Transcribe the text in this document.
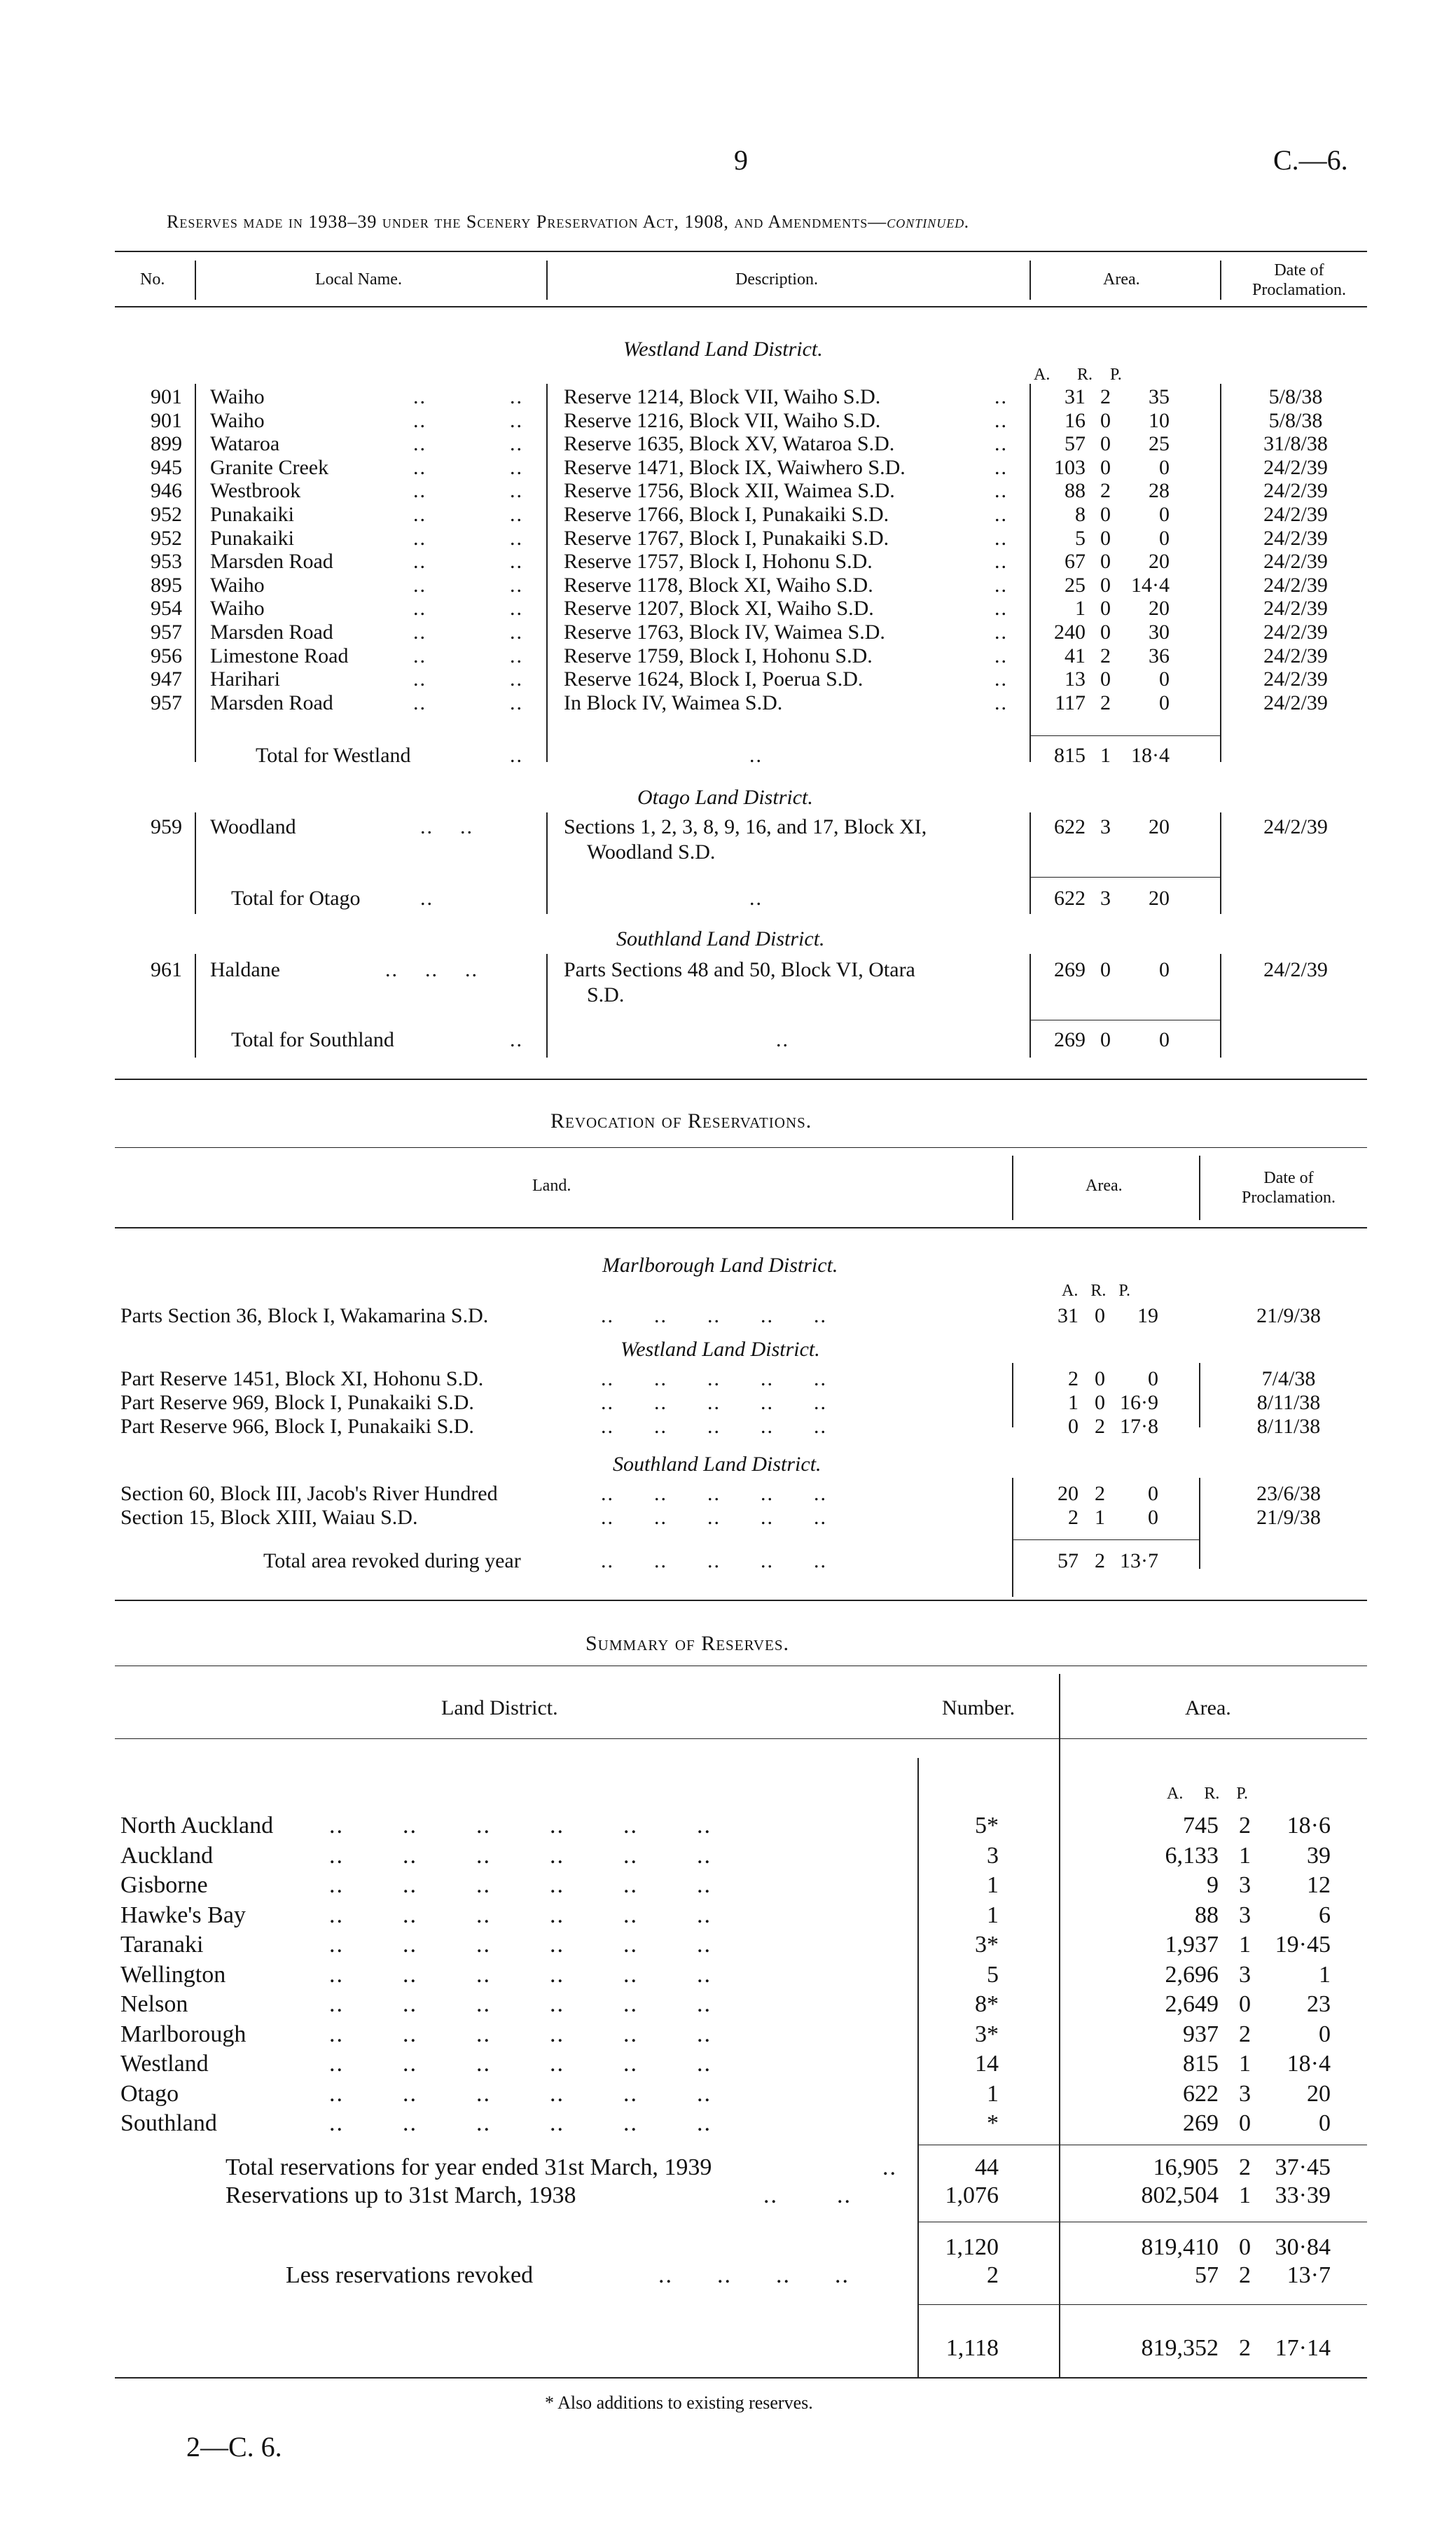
9	C.—6.
Reserves made in 1938–39 under the Scenery Preservation Act, 1908, and Amendments—continued.
No.	Local Name.	Description.	Area.	Date of
Proclamation.
Westland Land District.
A. R. P.
901 Waiho	..	.. Reserve 1214, Block VII, Waiho S.D.	..	31 2	35	5/8/38
901 Waiho	..	.. Reserve 1216, Block VII, Waiho S.D.	..	16 0	10	5/8/38
899 Wataroa	..	.. Reserve 1635, Block XV, Wataroa S.D.	..	57 0	25	31/8/38
945 Granite Creek	..	.. Reserve 1471, Block IX, Waiwhero S.D.	..	103 0	0	24/2/39
946 Westbrook	..	.. Reserve 1756, Block XII, Waimea S.D.	..	88 2	28	24/2/39
952 Punakaiki	..	.. Reserve 1766, Block I, Punakaiki S.D.	..	8 0	0	24/2/39
952 Punakaiki	..	.. Reserve 1767, Block I, Punakaiki S.D.	..	5 0	0	24/2/39
953 Marsden Road	..	.. Reserve 1757, Block I, Hohonu S.D.	..	67 0	20	24/2/39
895 Waiho	..	.. Reserve 1178, Block XI, Waiho S.D.	..	25 0 14·4	24/2/39
954 Waiho	..	.. Reserve 1207, Block XI, Waiho S.D.	..	1 0	20	24/2/39
957 Marsden Road	..	.. Reserve 1763, Block IV, Waimea S.D.	..	240 0	30	24/2/39
956 Limestone Road	..	.. Reserve 1759, Block I, Hohonu S.D.	..	41 2	36	24/2/39
947 Harihari	..	.. Reserve 1624, Block I, Poerua S.D.	..	13 0	0	24/2/39
957 Marsden Road	..	.. In Block IV, Waimea S.D.	..	117 2	0	24/2/39
Total for Westland	..	..	815 1 18·4
Otago Land District.
959 Woodland	..    ..	Sections 1, 2, 3, 8, 9, 16, and 17, Block XI,	622 3	20	24/2/39
Woodland S.D.
Total for Otago	..	..	622 3	20
Southland Land District.
961 Haldane	..    ..    ..	Parts Sections 48 and 50, Block VI, Otara	269 0	0	24/2/39
S.D.
Total for Southland	..	..	269 0	0
Revocation of Reservations.
Land.	Area.	Date of
Proclamation.
Marlborough Land District.
A.   R.   P.
Parts Section 36, Block I, Wakamarina S.D.	..      ..      ..      ..      ..	31 0	19	21/9/38
Westland Land District.
Part Reserve 1451, Block XI, Hohonu S.D.	..      ..      ..      ..      ..	2 0	0	7/4/38
Part Reserve 969, Block I, Punakaiki S.D.	..      ..      ..      ..      ..	1 0 16·9	8/11/38
Part Reserve 966, Block I, Punakaiki S.D.	..      ..      ..      ..      ..	0 2 17·8	8/11/38
Southland Land District.
Section 60, Block III, Jacob's River Hundred	..      ..      ..      ..      ..	20 2	0	23/6/38
Section 15, Block XIII, Waiau S.D.	..      ..      ..      ..      ..	2 1	0	21/9/38
Total area revoked during year	..      ..      ..      ..      ..	57 2 13·7
Summary of Reserves.
Land District.	Number.	Area.
A.     R.    P.
North Auckland ..        ..        ..        ..        ..        ..	5*	745 2	18·6
Auckland	..        ..        ..        ..        ..        ..	3	6,133 1	39
Gisborne	..        ..        ..        ..        ..        ..	1	9 3	12
Hawke's Bay	..        ..        ..        ..        ..        ..	1	88 3	6
Taranaki	..        ..        ..        ..        ..        ..	3*	1,937 1	19·45
Wellington	..        ..        ..        ..        ..        ..	5	2,696 3	1
Nelson	..        ..        ..        ..        ..        ..	8*	2,649 0	23
Marlborough	..        ..        ..        ..        ..        ..	3*	937 2	0
Westland	..        ..        ..        ..        ..        ..	14	815 1	18·4
Otago	..        ..        ..        ..        ..        ..	1	622 3	20
Southland	..        ..        ..        ..        ..        ..	*	269 0	0
Total reservations for year ended 31st March, 1939	..	44	16,905 2	37·45
Reservations up to 31st March, 1938	..        ..	1,076	802,504 1	33·39
1,120	819,410 0	30·84
Less reservations revoked	..      ..      ..      ..	2	57 2	13·7
1,118	819,352 2	17·14
* Also additions to existing reserves.
2—C. 6.
